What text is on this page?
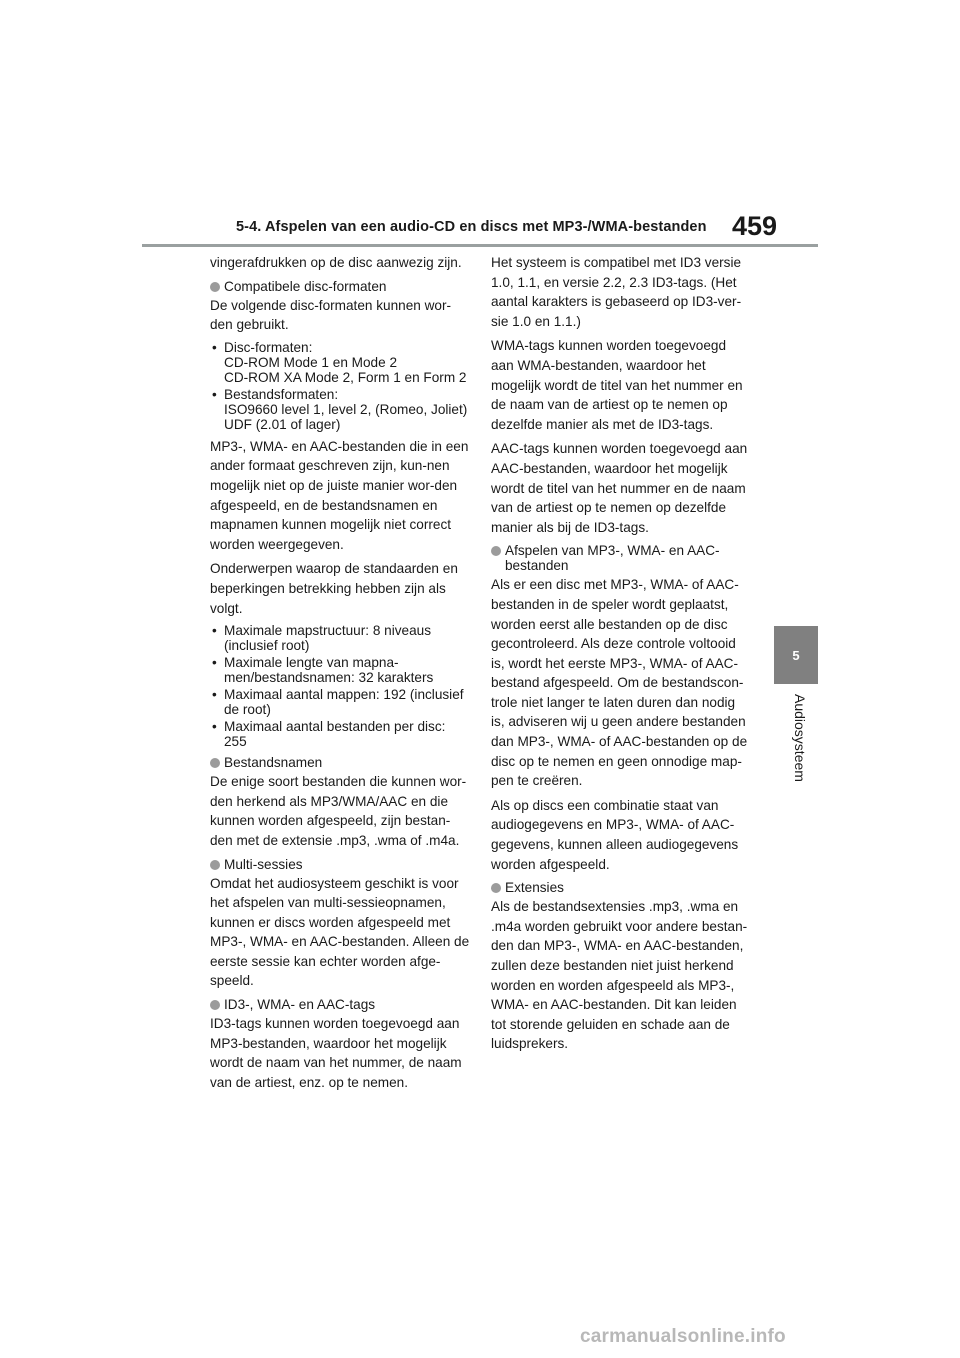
5-4. Afspelen van een audio-CD en discs met MP3-/WMA-bestanden 459
5
Audiosysteem

vingerafdrukken op de disc aanwezig zijn.

Compatibele disc-formaten

De volgende disc-formaten kunnen wor-den gebruikt.

• Disc-formaten:
CD-ROM Mode 1 en Mode 2
CD-ROM XA Mode 2, Form 1 en Form 2
• Bestandsformaten:
ISO9660 level 1, level 2, (Romeo, Joliet)
UDF (2.01 of lager)

MP3-, WMA- en AAC-bestanden die in een ander formaat geschreven zijn, kun-nen mogelijk niet op de juiste manier wor-den afgespeeld, en de bestandsnamen en mapnamen kunnen mogelijk niet correct worden weergegeven.

Onderwerpen waarop de standaarden en beperkingen betrekking hebben zijn als volgt.

• Maximale mapstructuur: 8 niveaus (inclusief root)
• Maximale lengte van mapna-men/bestandsnamen: 32 karakters
• Maximaal aantal mappen: 192 (inclusief de root)
• Maximaal aantal bestanden per disc: 255
Bestandsnamen

De enige soort bestanden die kunnen wor-den herkend als MP3/WMA/AAC en die kunnen worden afgespeeld, zijn bestan-den met de extensie .mp3, .wma of .m4a.

Multi-sessies

Omdat het audiosysteem geschikt is voor het afspelen van multi-sessieopnamen, kunnen er discs worden afgespeeld met MP3-, WMA- en AAC-bestanden. Alleen de eerste sessie kan echter worden afge-speeld.

ID3-, WMA- en AAC-tags

ID3-tags kunnen worden toegevoegd aan MP3-bestanden, waardoor het mogelijk wordt de naam van het nummer, de naam van de artiest, enz. op te nemen.

Het systeem is compatibel met ID3 versie 1.0, 1.1, en versie 2.2, 2.3 ID3-tags. (Het aantal karakters is gebaseerd op ID3-ver-sie 1.0 en 1.1.)

WMA-tags kunnen worden toegevoegd aan WMA-bestanden, waardoor het mogelijk wordt de titel van het nummer en de naam van de artiest op te nemen op dezelfde manier als met de ID3-tags.

AAC-tags kunnen worden toegevoegd aan AAC-bestanden, waardoor het mogelijk wordt de titel van het nummer en de naam van de artiest op te nemen op dezelfde manier als bij de ID3-tags.

Afspelen van MP3-, WMA- en AAC-bestanden

Als er een disc met MP3-, WMA- of AAC-bestanden in de speler wordt geplaatst, worden eerst alle bestanden op de disc gecontroleerd. Als deze controle voltooid is, wordt het eerste MP3-, WMA- of AAC-bestand afgespeeld. Om de bestandscon-trole niet langer te laten duren dan nodig is, adviseren wij u geen andere bestanden dan MP3-, WMA- of AAC-bestanden op de disc op te nemen en geen onnodige map-pen te creëren.

Als op discs een combinatie staat van audiogegevens en MP3-, WMA- of AAC-gegevens, kunnen alleen audiogegevens worden afgespeeld.

Extensies

Als de bestandsextensies .mp3, .wma en .m4a worden gebruikt voor andere bestan-den dan MP3-, WMA- en AAC-bestanden, zullen deze bestanden niet juist herkend worden en worden afgespeeld als MP3-, WMA- en AAC-bestanden. Dit kan leiden tot storende geluiden en schade aan de luidsprekers.

carmanualsonline.info
